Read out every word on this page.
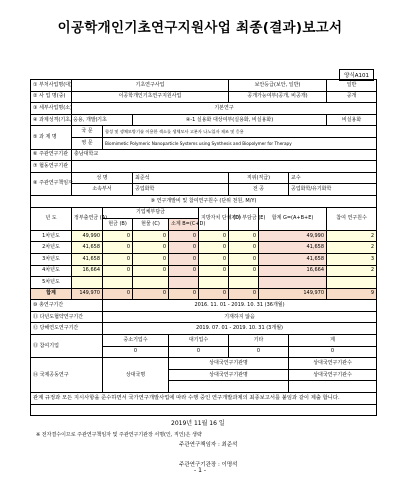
이공학개인기초연구지원사업 최종(결과)보고서
양식A101
① 부처사업명(대)	기초연구사업					보안등급(보안, 일반)			일반
② 사 업 명(중)	이공학개인기초연구지원사업					공개가능여부(공개, 비공개)			공개
③ 세부사업명(소)	기본연구								
④ 과제성격(기초, 응용, 개발)	기초		④-1 실용화 대상여부(실용화, 비실용화)						비실용화
⑤ 과 제 명	국 문	합성 및 생체모방기술 이용한 색소를 생체모사 고분자 나노입자 제조 및 응용							
	영 문	Biomimetic Polymeric Nanoparticle Systems using Synthesis and Biopolymer for Therapy							
⑥ 주관연구기관	충남대학교								
⑦ 협동연구기관									
⑧ 주관연구책임자	성 명		최준석			직위(직급)		교수	
	소속부서		공업화학			전 공		공업화학/유기화학	
⑨ 연구개발비 및 참여연구원수 (단위 천원, M/Y)									
년 도	정부출연금 (A)	기업체부담금			지방자치 단체 (D)	기타 부담금 (E)	합계 G=(A+B+E)		참여 연구원수
		현금 (B)	현물 (C)	소계 B=(C+D)					
1차년도	49,990	0	0	0	0	0	49,990		2
2차년도	41,658	0	0	0	0	0	41,658		2
3차년도	41,658	0	0	0	0	0	41,658		3
4차년도	16,664	0	0	0	0	0	16,664		2
5차년도									
합계	149,970	0	0	0	0	0	149,970		9
⑩ 총연구기간		2016. 11. 01 - 2019. 10. 31 (36개월)							
⑪ 다년도협약연구기간		기재하지 않음							
⑫ 당해연도연구기간		2019. 07. 01 - 2019. 10. 31 (3개월)							
⑬ 참여기업		중소기업수		대기업수		기타		계	
		0		0		0		0	
⑭ 국제공동연구		상대국명		상대국연구기관명				상대국연구기관수	
				상대국연구기관명				상대국연구기관수	

관계 규정과 모든 지시사항을 준수하면서 국가연구개발사업에 따라 수행 중인 연구개발과제의 최종보고서를 붙임과 같이 제출 합니다.									

2019년 11월 16 일
주관연구책임자 : 최준석
주관연구기관장 : 이명석									
※ 전자결수이므로 주관연구책임자 및 주관연구기관장 서명(인, 직인)은 생략
- 1 -
